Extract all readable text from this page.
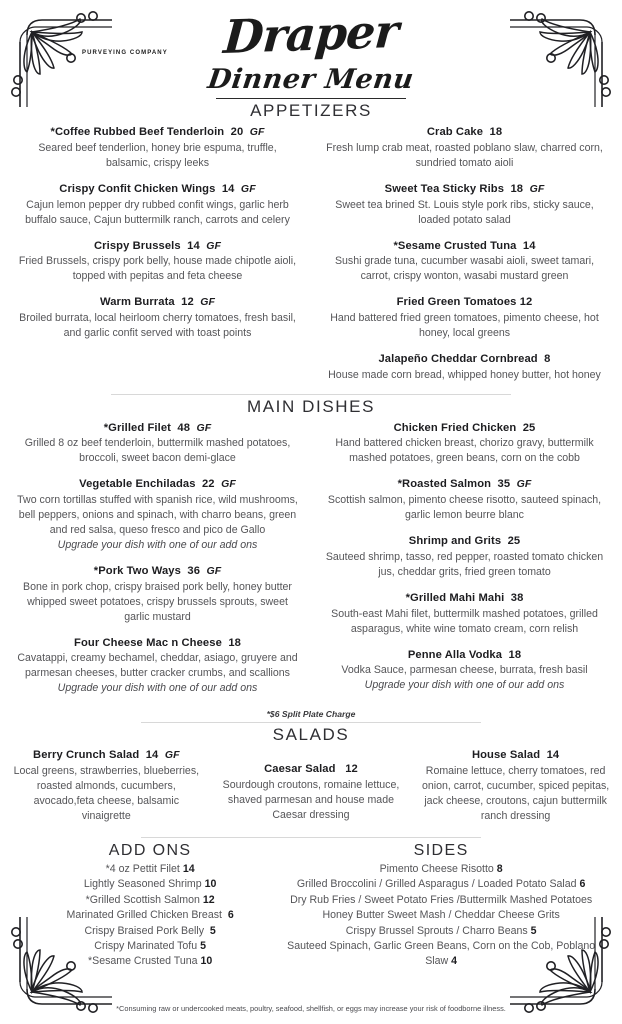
Draper
PURVEYING COMPANY
Dinner Menu
APPETIZERS
*Coffee Rubbed Beef Tenderloin 20 GF
Seared beef tenderlion, honey brie espuma, truffle, balsamic, crispy leeks
Crispy Confit Chicken Wings 14 GF
Cajun lemon pepper dry rubbed confit wings, garlic herb buffalo sauce, Cajun buttermilk ranch, carrots and celery
Crispy Brussels 14 GF
Fried Brussels, crispy pork belly, house made chipotle aioli, topped with pepitas and feta cheese
Warm Burrata 12 GF
Broiled burrata, local heirloom cherry tomatoes, fresh basil, and garlic confit served with toast points
Crab Cake 18
Fresh lump crab meat, roasted poblano slaw, charred corn, sundried tomato aioli
Sweet Tea Sticky Ribs 18 GF
Sweet tea brined St. Louis style pork ribs, sticky sauce, loaded potato salad
*Sesame Crusted Tuna 14
Sushi grade tuna, cucumber wasabi aioli, sweet tamari, carrot, crispy wonton, wasabi mustard green
Fried Green Tomatoes 12
Hand battered fried green tomatoes, pimento cheese, hot honey, local greens
Jalapeño Cheddar Cornbread 8
House made corn bread, whipped honey butter, hot honey
MAIN DISHES
*Grilled Filet 48 GF
Grilled 8 oz beef tenderloin, buttermilk mashed potatoes, broccoli, sweet bacon demi-glace
Vegetable Enchiladas 22 GF
Two corn tortillas stuffed with spanish rice, wild mushrooms, bell peppers, onions and spinach, with charro beans, green and red salsa, queso fresco and pico de Gallo
Upgrade your dish with one of our add ons
*Pork Two Ways 36 GF
Bone in pork chop, crispy braised pork belly, honey butter whipped sweet potatoes, crispy brussels sprouts, sweet garlic mustard
Four Cheese Mac n Cheese 18
Cavatappi, creamy bechamel, cheddar, asiago, gruyere and parmesan cheeses, butter cracker crumbs, and scallions
Upgrade your dish with one of our add ons
Chicken Fried Chicken 25
Hand battered chicken breast, chorizo gravy, buttermilk mashed potatoes, green beans, corn on the cobb
*Roasted Salmon 35 GF
Scottish salmon, pimento cheese risotto, sauteed spinach, garlic lemon beurre blanc
Shrimp and Grits 25
Sauteed shrimp, tasso, red pepper, roasted tomato chicken jus, cheddar grits, fried green tomato
*Grilled Mahi Mahi 38
South-east Mahi filet, buttermilk mashed potatoes, grilled asparagus, white wine tomato cream, corn relish
Penne Alla Vodka 18
Vodka Sauce, parmesan cheese, burrata, fresh basil
Upgrade your dish with one of our add ons
*$6 Split Plate Charge
SALADS
Berry Crunch Salad 14 GF
Local greens, strawberries, blueberries, roasted almonds, cucumbers, avocado,feta cheese, balsamic vinaigrette
Caesar Salad 12
Sourdough croutons, romaine lettuce, shaved parmesan and house made Caesar dressing
House Salad 14
Romaine lettuce, cherry tomatoes, red onion, carrot, cucumber, spiced pepitas, jack cheese, croutons, cajun buttermilk ranch dressing
ADD ONS
*4 oz Pettit Filet 14
Lightly Seasoned Shrimp 10
*Grilled Scottish Salmon 12
Marinated Grilled Chicken Breast 6
Crispy Braised Pork Belly 5
Crispy Marinated Tofu 5
*Sesame Crusted Tuna 10
SIDES
Pimento Cheese Risotto 8
Grilled Broccolini / Grilled Asparagus / Loaded Potato Salad 6
Dry Rub Fries / Sweet Potato Fries /Buttermilk Mashed Potatoes Honey Butter Sweet Mash / Cheddar Cheese Grits
Crispy Brussel Sprouts / Charro Beans 5
Sauteed Spinach, Garlic Green Beans, Corn on the Cob, Poblano Slaw 4
*Consuming raw or undercooked meats, poultry, seafood, shellfish, or eggs may increase your risk of foodborne illness.
